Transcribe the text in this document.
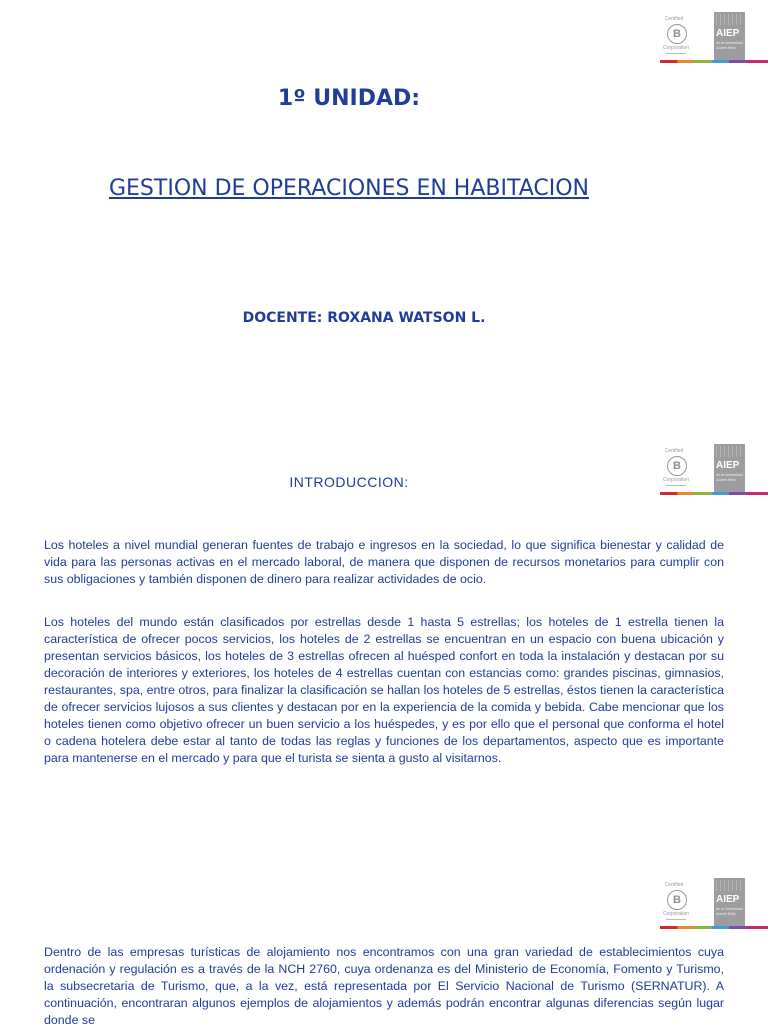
Certified
B
Corporation
AIEP
de la Universidad
Andrés Bello
1º UNIDAD:
GESTION DE OPERACIONES EN HABITACION
DOCENTE: ROXANA WATSON L.
Certified
B
Corporation
AIEP
de la Universidad
Andrés Bello
INTRODUCCION:

Los hoteles a nivel mundial generan fuentes de trabajo e ingresos en la sociedad, lo que significa bienestar y calidad de vida para las personas activas en el mercado laboral, de manera que disponen de recursos monetarios para cumplir con sus obligaciones y también disponen de dinero para realizar actividades de ocio.

Los hoteles del mundo están clasificados por estrellas desde 1 hasta 5 estrellas; los hoteles de 1 estrella tienen la característica de ofrecer pocos servicios, los hoteles de 2 estrellas se encuentran en un espacio con buena ubicación y presentan servicios básicos, los hoteles de 3 estrellas ofrecen al huésped confort en toda la instalación y destacan por su decoración de interiores y exteriores, los hoteles de 4 estrellas cuentan con estancias como: grandes piscinas, gimnasios, restaurantes, spa, entre otros, para finalizar la clasificación se hallan los hoteles de 5 estrellas, éstos tienen la característica de ofrecer servicios lujosos a sus clientes y destacan por en la experiencia de la comida y bebida. Cabe mencionar que los hoteles tienen como objetivo ofrecer un buen servicio a los huéspedes, y es por ello que el personal que conforma el hotel o cadena hotelera debe estar al tanto de todas las reglas y funciones de los departamentos, aspecto que es importante para mantenerse en el mercado y para que el turista se sienta a gusto al visitarnos.

Certified
B
Corporation
AIEP
de la Universidad
Andrés Bello

Dentro de las empresas turísticas de alojamiento nos encontramos con una gran variedad de establecimientos cuya ordenación y regulación es a través de la NCH 2760, cuya ordenanza es del Ministerio de Economía, Fomento y Turismo, la subsecretaria de Turismo, que, a la vez, está representada por El Servicio Nacional de Turismo (SERNATUR). A continuación, encontraran algunos ejemplos de alojamientos y además podrán encontrar algunas diferencias según lugar donde se
